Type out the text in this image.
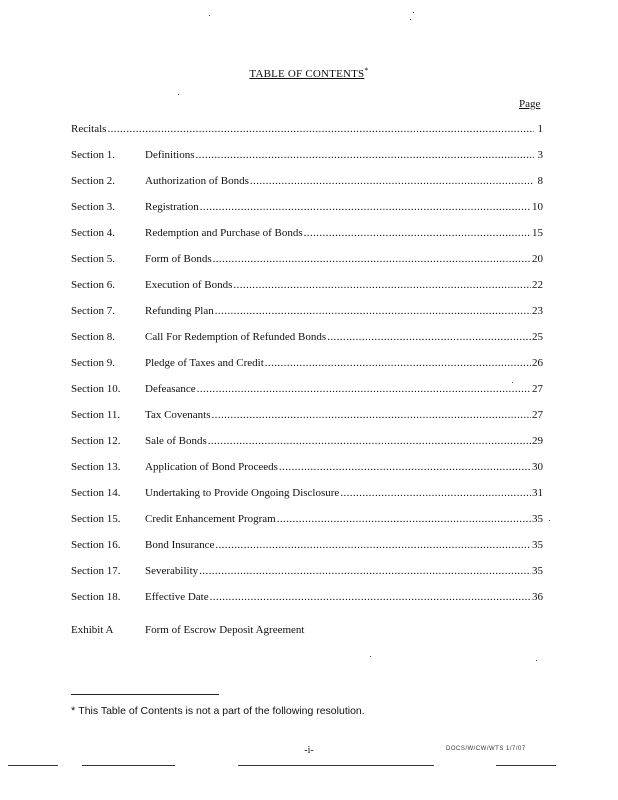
TABLE OF CONTENTS*
Page
Recitals .....	1
Section 1.	Definitions .....	3
Section 2.	Authorization of Bonds .....	8
Section 3.	Registration .....	10
Section 4.	Redemption and Purchase of Bonds .....	15
Section 5.	Form of Bonds .....	20
Section 6.	Execution of Bonds .....	22
Section 7.	Refunding Plan .....	23
Section 8.	Call For Redemption of Refunded Bonds .....	25
Section 9.	Pledge of Taxes and Credit .....	26
Section 10.	Defeasance .....	27
Section 11.	Tax Covenants .....	27
Section 12.	Sale of Bonds .....	29
Section 13.	Application of Bond Proceeds .....	30
Section 14.	Undertaking to Provide Ongoing Disclosure .....	31
Section 15.	Credit Enhancement Program .....	35
Section 16.	Bond Insurance .....	35
Section 17.	Severability .....	35
Section 18.	Effective Date .....	36
Exhibit A	Form of Escrow Deposit Agreement
* This Table of Contents is not a part of the following resolution.
-i-	DOCS/W/CW/WTS 1/7/07
